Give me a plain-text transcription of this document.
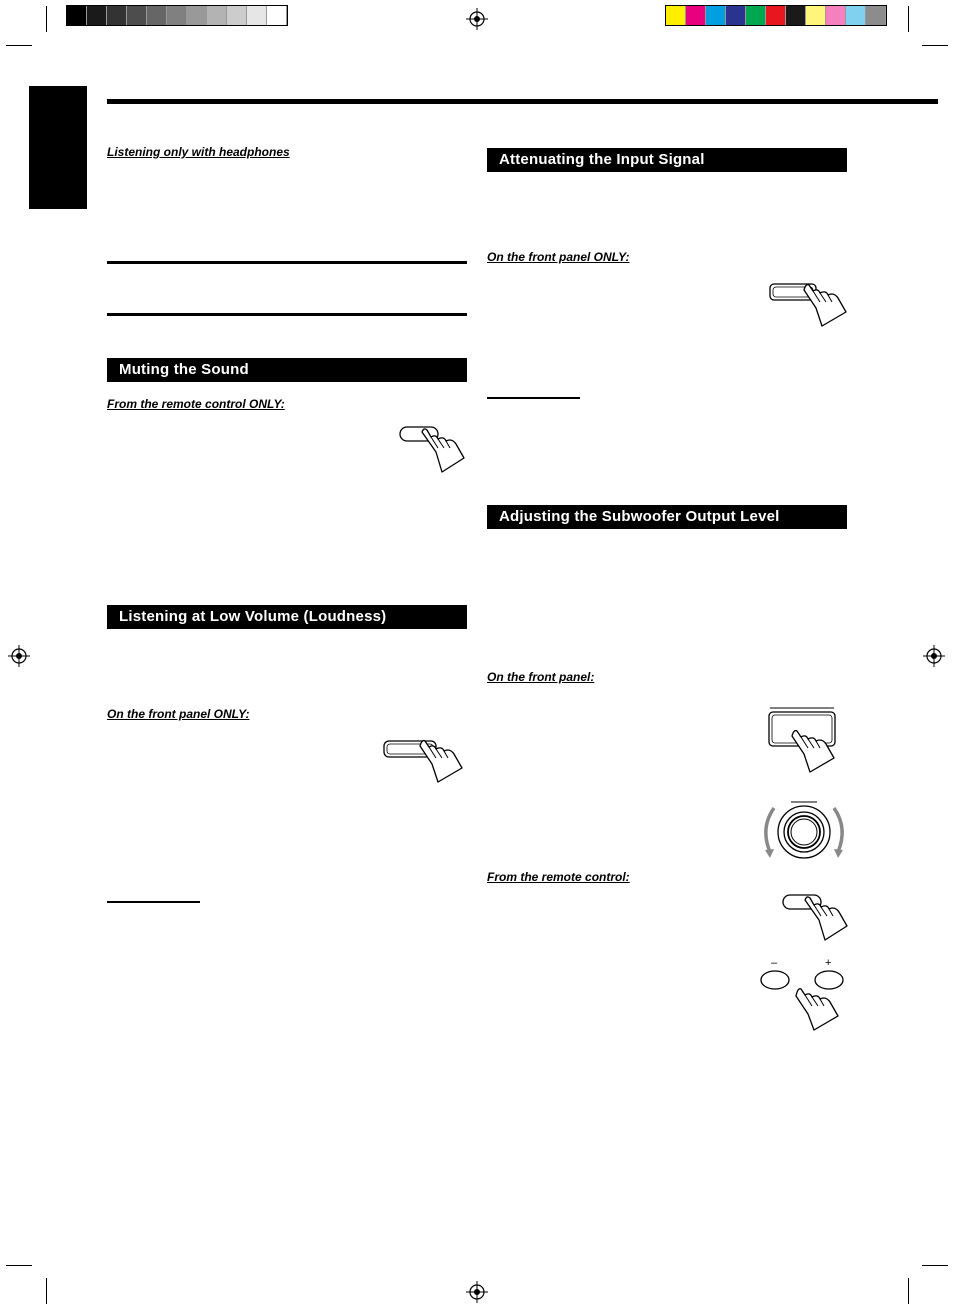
Listening only with headphones
Muting the Sound
From the remote control ONLY:
Listening at Low Volume (Loudness)
On the front panel ONLY:
Attenuating the Input Signal
On the front panel ONLY:
Adjusting the Subwoofer Output Level
On the front panel:
From the remote control:
–	+
